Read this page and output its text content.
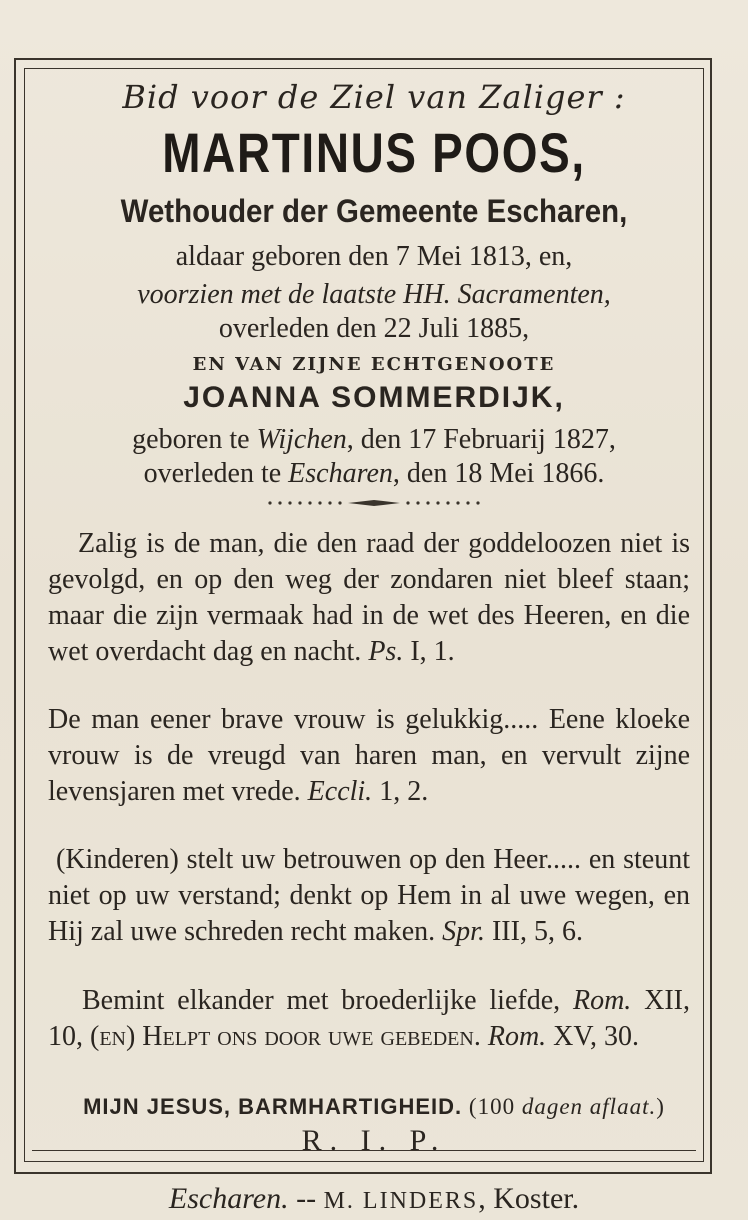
Bid voor de Ziel van Zaliger :
MARTINUS POOS,
Wethouder der Gemeente Escharen,
aldaar geboren den 7 Mei 1813, en,
voorzien met de laatste HH. Sacramenten,
overleden den 22 Juli 1885,
EN VAN ZIJNE ECHTGENOOTE
JOANNA SOMMERDIJK,
geboren te Wijchen, den 17 Februarij 1827,
overleden te Escharen, den 18 Mei 1866.
Zalig is de man, die den raad der goddeloozen niet is gevolgd, en op den weg der zondaren niet bleef staan; maar die zijn vermaak had in de wet des Heeren, en die wet overdacht dag en nacht. Ps. I, 1.
De man eener brave vrouw is gelukkig..... Eene kloeke vrouw is de vreugd van haren man, en vervult zijne levensjaren met vrede. Eccli. 1, 2.
(Kinderen) stelt uw betrouwen op den Heer..... en steunt niet op uw verstand; denkt op Hem in al uwe wegen, en Hij zal uwe schreden recht maken. Spr. III, 5, 6.
Bemint elkander met broederlijke liefde, Rom. XII, 10, (en) Helpt ons door uwe gebeden. Rom. XV, 30.
MIJN JESUS, BARMHARTIGHEID. (100 dagen aflaat.)
R. I. P.
Escharen. -- M. LINDERS, Koster.
